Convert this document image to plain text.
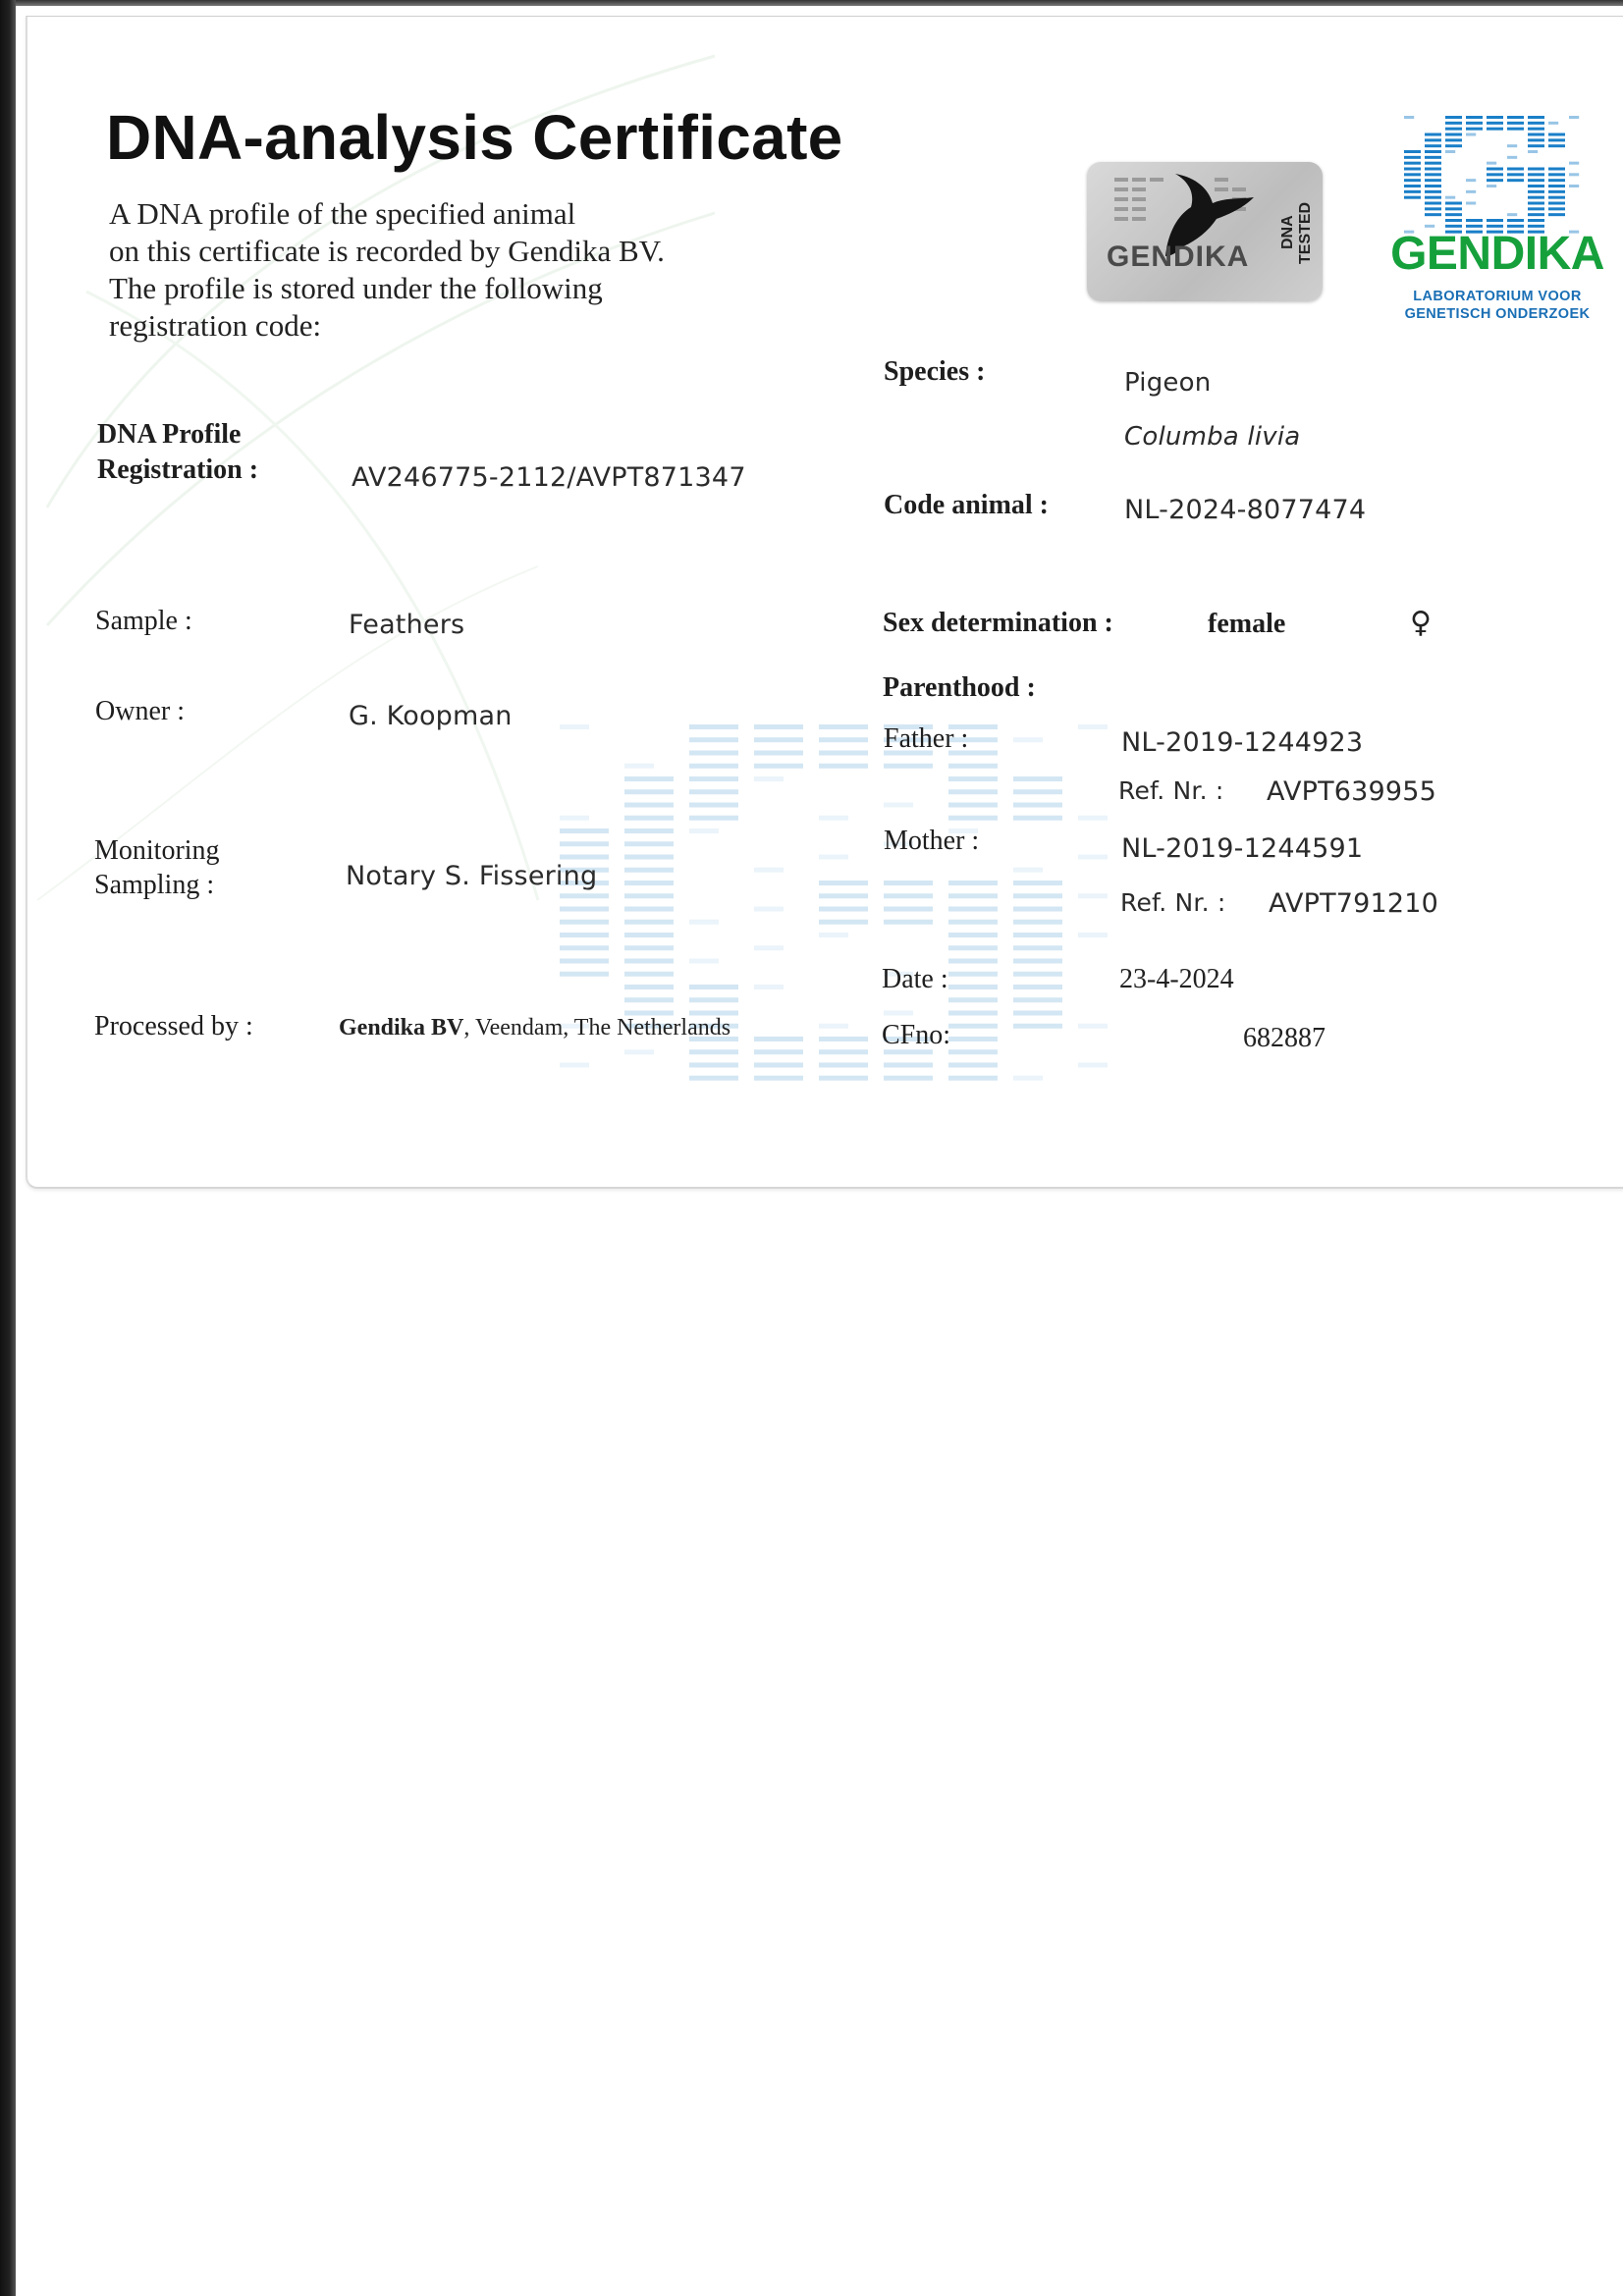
DNA-analysis Certificate
A DNA profile of the specified animal
on this certificate is recorded by Gendika BV.
The profile is stored under the following
registration code:
DNA Profile
Registration :	AV246775-2112/AVPT871347
Sample :	Feathers
Owner :	G. Koopman
Monitoring
Sampling :	Notary S. Fissering
Processed by :	Gendika BV, Veendam, The Netherlands
Species :	Pigeon
Columba livia
Code animal :	NL-2024-8077474
Sex determination :	female	♀
Parenthood :
Father :	NL-2019-1244923
Ref. Nr. : AVPT639955
Mother :	NL-2019-1244591
Ref. Nr. : AVPT791210
Date :	23-4-2024
CFno:	682887
GENDIKA
DNA TESTED GENDIKA
LABORATORIUM VOOR
GENETISCH ONDERZOEK
